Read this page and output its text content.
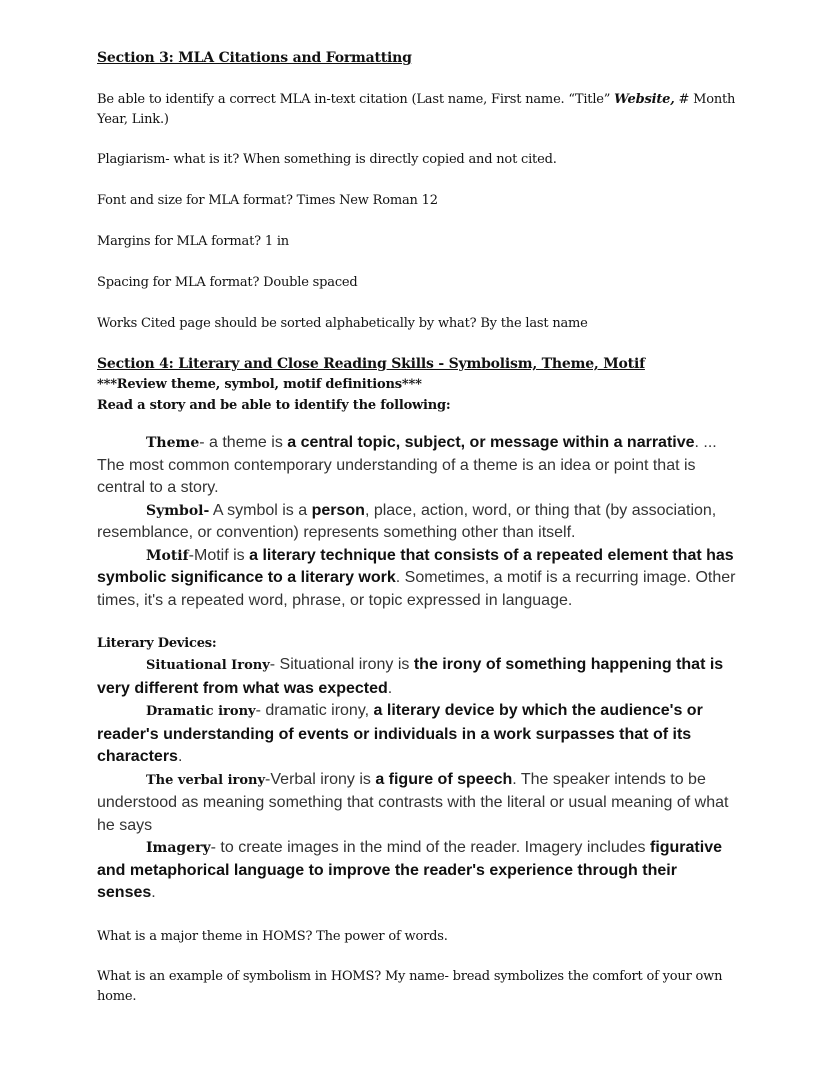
Section 3: MLA Citations and Formatting

Be able to identify a correct MLA in-text citation (Last name, First name. “Title” Website, # Month Year, Link.)

Plagiarism- what is it? When something is directly copied and not cited.

Font and size for MLA format? Times New Roman 12

Margins for MLA format? 1 in

Spacing for MLA format? Double spaced

Works Cited page should be sorted alphabetically by what? By the last name

Section 4: Literary and Close Reading Skills - Symbolism, Theme, Motif

***Review theme, symbol, motif definitions***

Read a story and be able to identify the following:

Theme- a theme is a central topic, subject, or message within a narrative. ... The most common contemporary understanding of a theme is an idea or point that is central to a story.

Symbol- A symbol is a person, place, action, word, or thing that (by association, resemblance, or convention) represents something other than itself.

Motif-Motif is a literary technique that consists of a repeated element that has symbolic significance to a literary work. Sometimes, a motif is a recurring image. Other times, it's a repeated word, phrase, or topic expressed in language.

Literary Devices:

Situational Irony- Situational irony is the irony of something happening that is very different from what was expected.

Dramatic irony- dramatic irony, a literary device by which the audience's or reader's understanding of events or individuals in a work surpasses that of its characters.

The verbal irony-Verbal irony is a figure of speech. The speaker intends to be understood as meaning something that contrasts with the literal or usual meaning of what he says

Imagery- to create images in the mind of the reader. Imagery includes figurative and metaphorical language to improve the reader's experience through their senses.

What is a major theme in HOMS? The power of words.

What is an example of symbolism in HOMS? My name- bread symbolizes the comfort of your own home.
